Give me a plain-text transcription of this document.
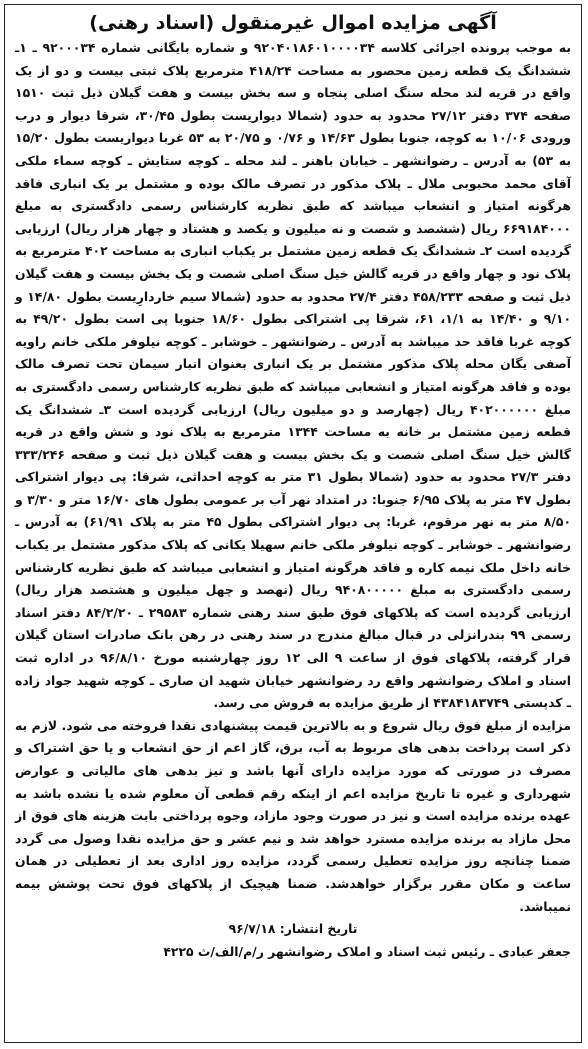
آگهی مزایده اموال غیرمنقول (اسناد رهنی)

به موجب پرونده اجرائی کلاسه ۹۲۰۴۰۱۸۶۰۱۰۰۰۰۳۴ و شماره بایگانی شماره ۹۲۰۰۰۳۴ ـ ۱ـ ششدانگ یک قطعه زمین محصور به مساحت ۴۱۸/۲۴ مترمربع پلاک ثبتی بیست و دو از یک واقع در قریه لند محله سنگ اصلی پنجاه و سه بخش بیست و هفت گیلان ذیل ثبت ۱۵۱۰ صفحه ۳۷۴ دفتر ۲۷/۱۲ محدود به حدود (شمالا دیواریست بطول ۳۰/۴۵، شرقا دیوار و درب ورودی ۱۰/۰۶ به کوچه، جنوبا بطول ۱۴/۶۳ و ۰/۷۶ و ۲۰/۷۵ به ۵۳ غربا دیواریست بطول ۱۵/۲۰ به ۵۳) به آدرس ـ رضوانشهر ـ خیابان باهنر ـ لند محله ـ کوچه ستایش ـ کوچه سماء ملکی آقای محمد محبوبی ملال ـ پلاک مذکور در تصرف مالک بوده و مشتمل بر یک انباری فاقد هرگونه امتیاز و انشعاب میباشد که طبق نظریه کارشناس رسمی دادگستری به مبلغ ۶۶۹۱۸۴۰۰۰ ریال (ششصد و شصت و نه میلیون و یکصد و هشتاد و چهار هزار ریال) ارزیابی گردیده است ۲ـ ششدانگ یک قطعه زمین مشتمل بر یکباب انباری به مساحت ۴۰۲ مترمربع به پلاک نود و چهار واقع در قریه گالش خیل سنگ اصلی شصت و یک بخش بیست و هفت گیلان ذیل ثبت و صفحه ۴۵۸/۲۳۳ دفتر ۲۷/۴ محدود به حدود (شمالا سیم خاردارِیست بطول ۱۴/۸۰ و ۹/۱۰ و ۱۴/۴۰ به ۱/۱، ۶۱، شرقا پی اشتراکی بطول ۱۸/۶۰ جنوبا پی است بطول ۴۹/۲۰ به کوچه غربا فاقد حد میباشد به آدرس ـ رضوانشهر ـ خوشابر ـ کوچه نیلوفر ملکی خانم راویه آصفی یگان محله پلاک مذکور مشتمل بر یک انباری بعنوان انبار سیمان تحت تصرف مالک بوده و فاقد هرگونه امتیاز و انشعابی میباشد که طبق نظریه کارشناس رسمی دادگستری به مبلغ ۴۰۲۰۰۰۰۰۰ ریال (چهارصد و دو میلیون ریال) ارزیابی گردیده است ۳ـ ششدانگ یک قطعه زمین مشتمل بر خانه به مساحت ۱۳۴۴ مترمربع به پلاک نود و شش واقع در قریه گالش خیل سنگ اصلی شصت و یک بخش بیست و هفت گیلان ذیل ثبت و صفحه ۳۳۳/۲۴۶ دفتر ۲۷/۳ محدود به حدود (شمالا بطول ۳۱ متر به کوچه احداثی، شرقا: پی دیوار اشتراکی بطول ۴۷ متر به پلاک ۶/۹۵ جنوبا: در امتداد نهر آب بر عمومی بطول های ۱۶/۷۰ متر و ۳/۳۰ و ۸/۵۰ متر به نهر مرقوم، غربا: پی دیوار اشتراکی بطول ۴۵ متر به پلاک ۶۱/۹۱) به آدرس ـ رضوانشهر ـ خوشابر ـ کوچه نیلوفر ملکی خانم سهیلا یکانی که پلاک مذکور مشتمل بر یکباب خانه داخل ملک نیمه کاره و فاقد هرگونه امتیاز و انشعابی میباشد که طبق نظریه کارشناس رسمی دادگستری به مبلغ ۹۴۰۸۰۰۰۰۰ ریال (نهصد و چهل میلیون و هشتصد هزار ریال) ارزیابی گردیده است که پلاکهای فوق طبق سند رهنی شماره ۲۹۵۸۳ ـ ۸۴/۲/۲۰ دفتر اسناد رسمی ۹۹ بندرانزلی در قبال مبالغ مندرج در سند رهنی در رهن بانک صادرات استان گیلان قرار گرفته، پلاکهای فوق از ساعت ۹ الی ۱۲ روز چهارشنبه مورخ ۹۶/۸/۱۰ در اداره ثبت اسناد و املاک رضوانشهر واقع رد رضوانشهر خیابان شهید ان صاری ـ کوچه شهید جواد زاده ـ کدپستی ۴۳۸۴۱۸۳۷۴۹ از طریق مزایده به فروش می رسد.

مزایده از مبلغ فوق ریال شروع و به بالاترین قیمت پیشنهادی نقدا فروخته می شود. لازم به ذکر است پرداخت بدهی های مربوط به آب، برق، گاز اعم از حق انشعاب و یا حق اشتراک و مصرف در صورتی که مورد مزایده دارای آنها باشد و نیز بدهی های مالیاتی و عوارض شهرداری و غیره تا تاریخ مزایده اعم از اینکه رقم قطعی آن معلوم شده یا نشده باشد به عهده برنده مزایده است و نیز در صورت وجود مازاد، وجوه پرداختی بابت هزینه های فوق از محل مازاد به برنده مزایده مسترد خواهد شد و نیم عشر و حق مزایده نقدا وصول می گردد ضمنا چنانچه روز مزایده تعطیل رسمی گردد، مزایده روز اداری بعد از تعطیلی در همان ساعت و مکان مقرر برگزار خواهدشد. ضمنا هیچیک از پلاکهای فوق تحت پوشش بیمه نمیباشد.

تاریخ انتشار: ۹۶/۷/۱۸
جعفر عبادی ـ رئیس ثبت اسناد و املاک رضوانشهر ر/م/الف/ث ۴۲۲۵
